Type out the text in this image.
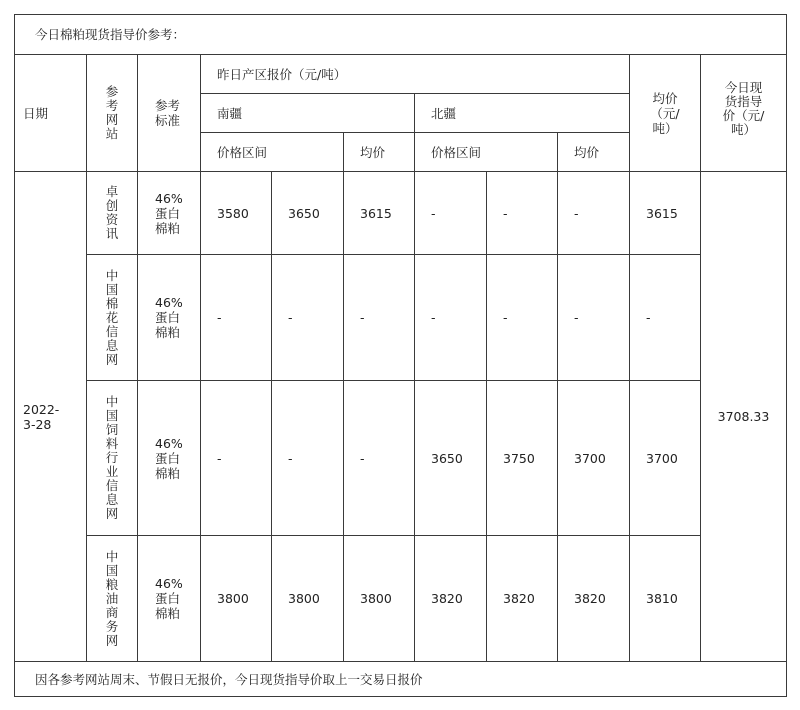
今日棉粕现货指导价参考：										
日期	参考网站	参考标准	昨日产区报价（元/吨）						均价（元/吨）	今日现货指导价（元/吨）
			南疆			北疆				
			价格区间		均价	价格区间		均价		
2022-3-28	卓创资讯	46%蛋白棉粕	3580	3650	3615	-	-	-	3615	3708.33
	中国棉花信息网	46%蛋白棉粕	-	-	-	-	-	-	-	
	中国饲料行业信息网	46%蛋白棉粕	-	-	-	3650	3750	3700	3700	
	中国粮油商务网	46%蛋白棉粕	3800	3800	3800	3820	3820	3820	3810	
因各参考网站周末、节假日无报价，今日现货指导价取上一交易日报价										
